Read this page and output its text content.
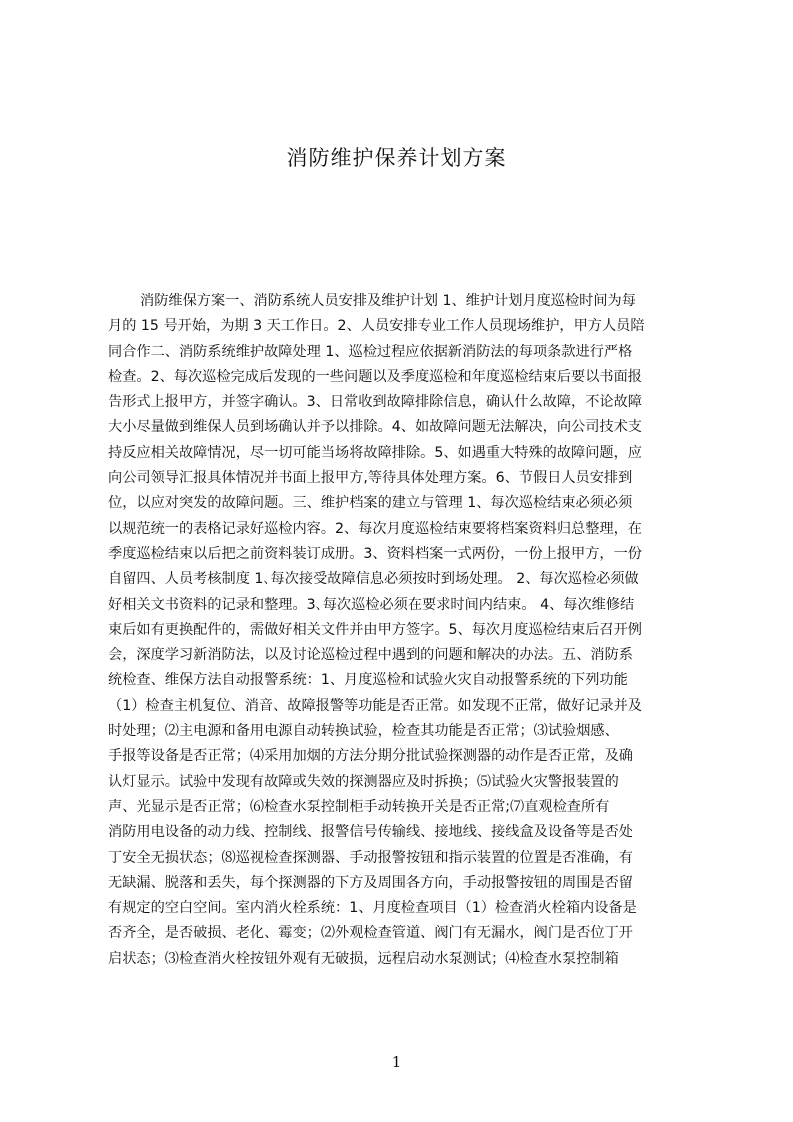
消防维护保养计划方案
消防维保方案一、消防系统人员安排及维护计划 1、维护计划月度巡检时间为每
月的 15 号开始，为期 3 天工作日。2、人员安排专业工作人员现场维护，甲方人员陪
同合作二、消防系统维护故障处理 1、巡检过程应依据新消防法的每项条款进行严格
检查。2、每次巡检完成后发现的一些问题以及季度巡检和年度巡检结束后要以书面报
告形式上报甲方，并签字确认。3、日常收到故障排除信息，确认什么故障，不论故障
大小尽量做到维保人员到场确认并予以排除。4、如故障问题无法解决，向公司技术支
持反应相关故障情况，尽一切可能当场将故障排除。5、如遇重大特殊的故障问题，应
向公司领导汇报具体情况并书面上报甲方,等待具体处理方案。6、节假日人员安排到
位，以应对突发的故障问题。三、维护档案的建立与管理 1、每次巡检结束必须必须
以规范统一的表格记录好巡检内容。2、每次月度巡检结束要将档案资料归总整理，在
季度巡检结束以后把之前资料装订成册。3、资料档案一式两份，一份上报甲方，一份
自留四、人员考核制度 1､每次接受故障信息必须按时到场处理。 2、每次巡检必须做
好相关文书资料的记录和整理。3､每次巡检必须在要求时间内结束。 4、每次维修结
束后如有更换配件的，需做好相关文件并由甲方签字。5、每次月度巡检结束后召开例
会，深度学习新消防法，以及讨论巡检过程中遇到的问题和解决的办法。五、消防系
统检查、维保方法自动报警系统：1、月度巡检和试验火灾自动报警系统的下列功能
（1）检查主机复位、消音、故障报警等功能是否正常。如发现不正常，做好记录并及
时处理；⑵主电源和备用电源自动转换试验，检查其功能是否正常；⑶试验烟感、
手报等设备是否正常；⑷采用加烟的方法分期分批试验探测器的动作是否正常，及确
认灯显示。试验中发现有故障或失效的探测器应及时拆换；⑸试验火灾警报装置的
声、光显示是否正常；⑹检查水泵控制柜手动转换开关是否正常;⑺直观检查所有
消防用电设备的动力线、控制线、报警信号传输线、接地线、接线盒及设备等是否处
丁安全无损状态；⑻巡视检查探测器、手动报警按钮和指示装置的位置是否准确，有
无缺漏、脱落和丢失，每个探测器的下方及周围各方向，手动报警按钮的周围是否留
有规定的空白空间。室内消火栓系统：1、月度检查项目（1）检查消火栓箱内设备是
否齐全，是否破损、老化、霉变；⑵外观检查管道、阀门有无漏水，阀门是否位丁开
启状态；⑶检查消火栓按钮外观有无破损，远程启动水泵测试；⑷检查水泵控制箱
1
